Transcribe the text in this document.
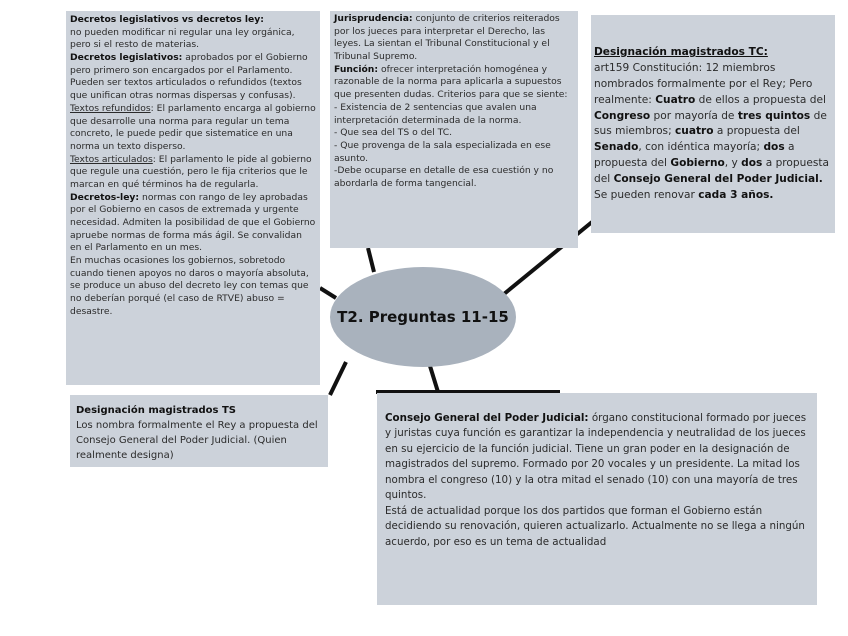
Decretos legislativos vs decretos ley:

no pueden modificar ni regular una ley orgánica, pero si el resto de materias.

Decretos legislativos: aprobados por el Gobierno pero primero son encargados por el Parlamento. Pueden ser textos articulados o refundidos (textos que unifican otras normas dispersas y confusas).

Textos refundidos: El parlamento encarga al gobierno que desarrolle una norma para regular un tema concreto, le puede pedir que sistematice en una norma un texto disperso.

Textos articulados: El parlamento le pide al gobierno que regule una cuestión, pero le fija criterios que le marcan en qué términos ha de regularla.

Decretos-ley: normas con rango de ley aprobadas por el Gobierno en casos de extremada y urgente necesidad. Admiten la posibilidad de que el Gobierno apruebe normas de forma más ágil. Se convalidan en el Parlamento en un mes.

En muchas ocasiones los gobiernos, sobretodo cuando tienen apoyos no daros o mayoría absoluta, se produce un abuso del decreto ley con temas que no deberían porqué (el caso de RTVE) abuso = desastre.

Jurisprudencia: conjunto de criterios reiterados por los jueces para interpretar el Derecho, las leyes. La sientan el Tribunal Constitucional y el Tribunal Supremo.

Función: ofrecer interpretación homogénea y razonable de la norma para aplicarla a supuestos que presenten dudas. Criterios para que se siente:

- Existencia de 2 sentencias que avalen una interpretación determinada de la norma.

- Que sea del TS o del TC.

- Que provenga de la sala especializada en ese asunto.

-Debe ocuparse en detalle de esa cuestión y no abordarla de forma tangencial.

Designación magistrados TC:

art159 Constitución: 12 miembros nombrados formalmente por el Rey; Pero realmente: Cuatro de ellos a propuesta del Congreso por mayoría de tres quintos de sus miembros; cuatro a propuesta del Senado, con idéntica mayoría; dos a propuesta del Gobierno, y dos a propuesta del Consejo General del Poder Judicial. Se pueden renovar cada 3 años.

T2. Preguntas 11-15

Designación magistrados TS

Los nombra formalmente el Rey a propuesta del Consejo General del Poder Judicial. (Quien realmente designa)

Consejo General del Poder Judicial: órgano constitucional formado por jueces y juristas cuya función es garantizar la independencia y neutralidad de los jueces en su ejercicio de la función judicial. Tiene un gran poder en la designación de magistrados del supremo. Formado por 20 vocales y un presidente. La mitad los nombra el congreso (10) y la otra mitad el senado (10) con una mayoría de tres quintos.

Está de actualidad porque los dos partidos que forman el Gobierno están decidiendo su renovación, quieren actualizarlo. Actualmente no se llega a ningún acuerdo, por eso es un tema de actualidad
